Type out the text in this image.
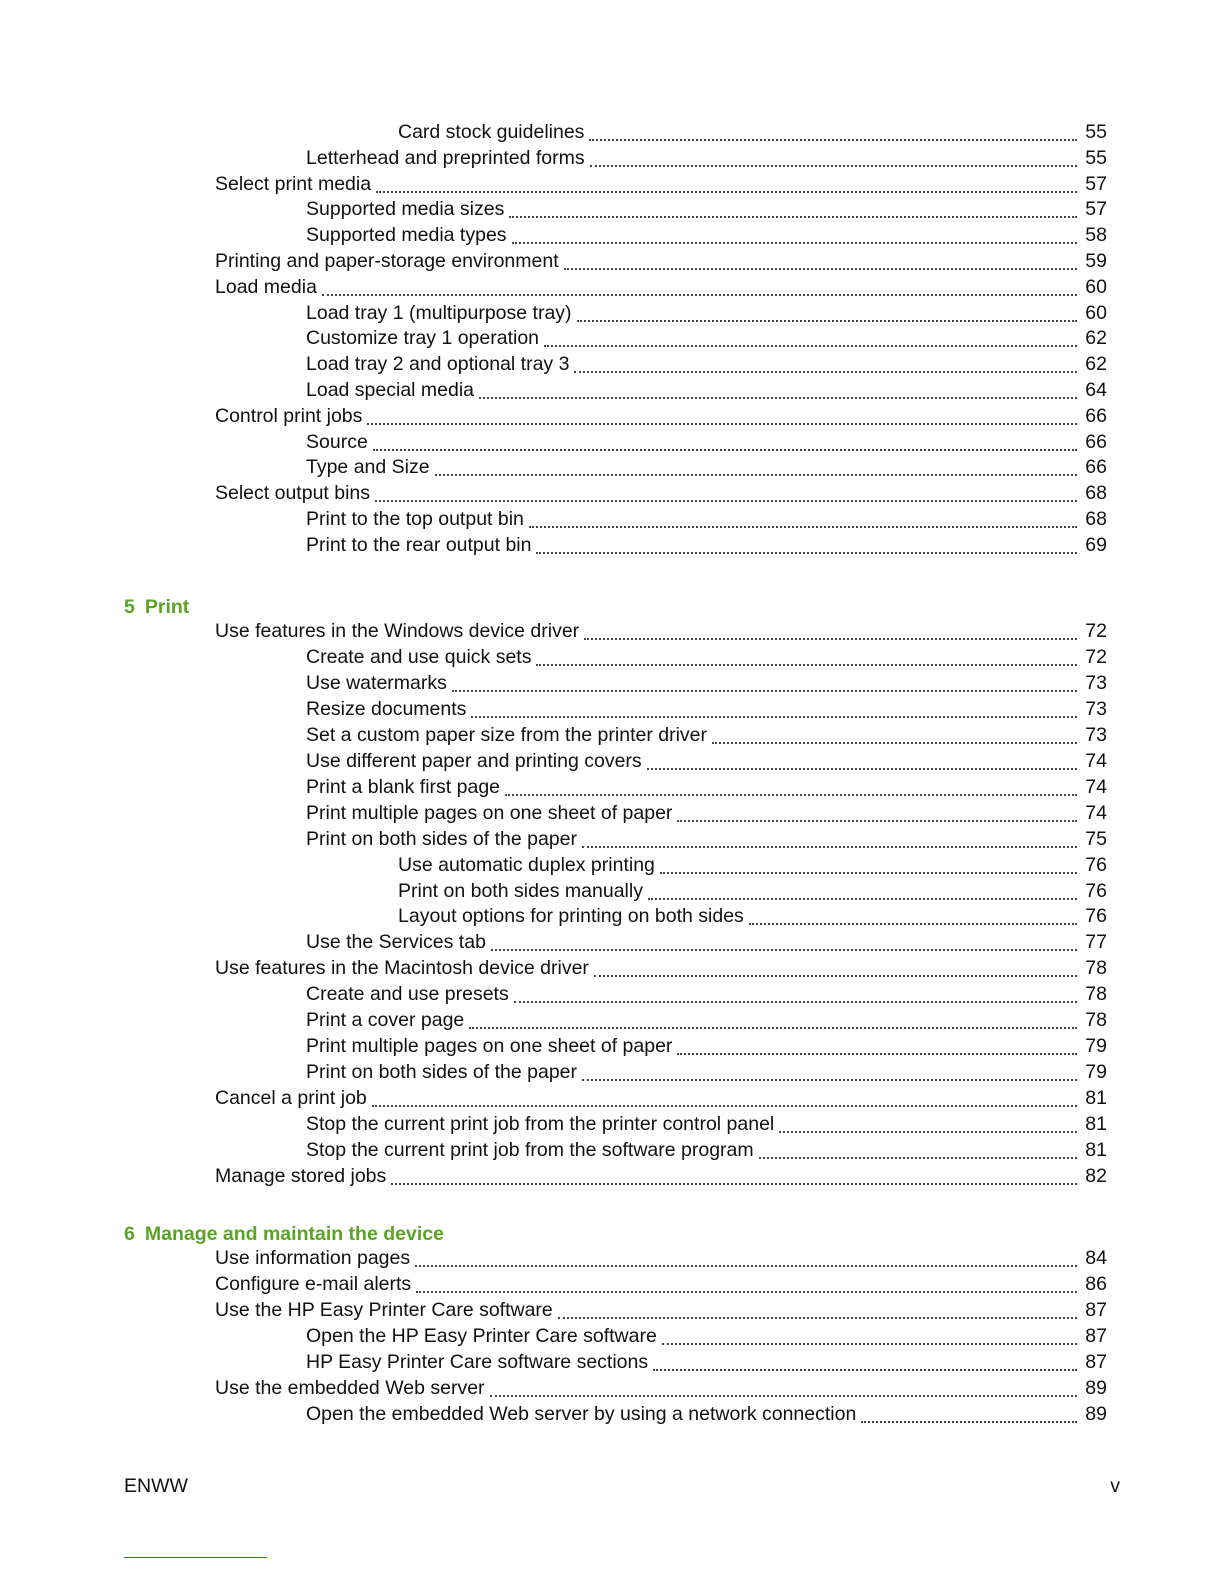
Card stock guidelines	55
Letterhead and preprinted forms	55
Select print media	57
Supported media sizes	57
Supported media types	58
Printing and paper-storage environment	59
Load media	60
Load tray 1 (multipurpose tray)	60
Customize tray 1 operation	62
Load tray 2 and optional tray 3	62
Load special media	64
Control print jobs	66
Source	66
Type and Size	66
Select output bins	68
Print to the top output bin	68
Print to the rear output bin	69
5 Print
Use features in the Windows device driver	72
Create and use quick sets	72
Use watermarks	73
Resize documents	73
Set a custom paper size from the printer driver	73
Use different paper and printing covers	74
Print a blank first page	74
Print multiple pages on one sheet of paper	74
Print on both sides of the paper	75
Use automatic duplex printing	76
Print on both sides manually	76
Layout options for printing on both sides	76
Use the Services tab	77
Use features in the Macintosh device driver	78
Create and use presets	78
Print a cover page	78
Print multiple pages on one sheet of paper	79
Print on both sides of the paper	79
Cancel a print job	81
Stop the current print job from the printer control panel	81
Stop the current print job from the software program	81
Manage stored jobs	82
6 Manage and maintain the device
Use information pages	84
Configure e-mail alerts	86
Use the HP Easy Printer Care software	87
Open the HP Easy Printer Care software	87
HP Easy Printer Care software sections	87
Use the embedded Web server	89
Open the embedded Web server by using a network connection	89
ENWW	v
